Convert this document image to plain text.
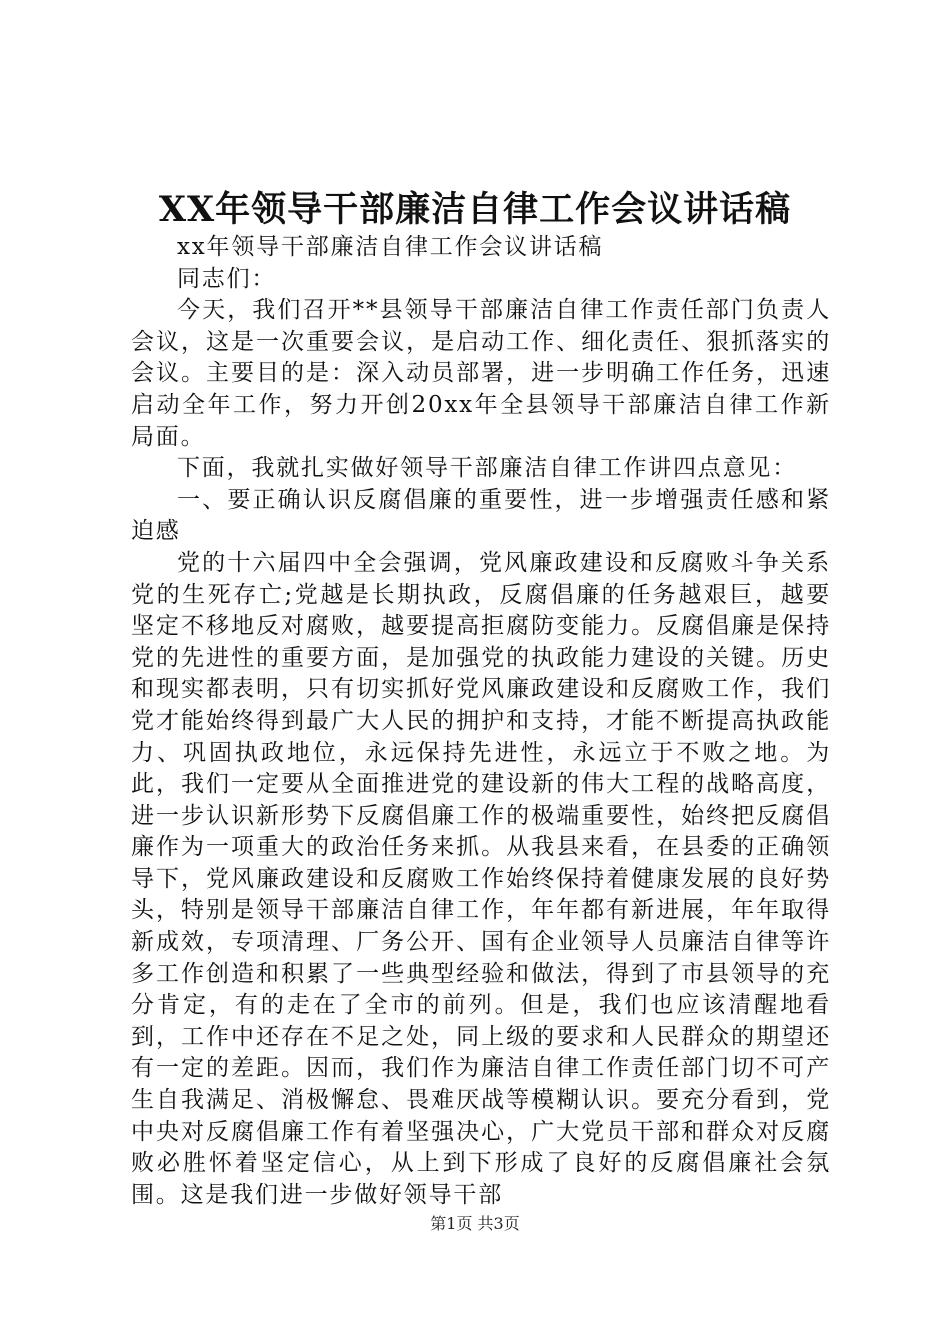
XX年领导干部廉洁自律工作会议讲话稿

xx年领导干部廉洁自律工作会议讲话稿

同志们：

今天，我们召开**县领导干部廉洁自律工作责任部门负责人会议，这是一次重要会议，是启动工作、细化责任、狠抓落实的会议。主要目的是：深入动员部署，进一步明确工作任务，迅速启动全年工作，努力开创20xx年全县领导干部廉洁自律工作新局面。

下面，我就扎实做好领导干部廉洁自律工作讲四点意见：

一、要正确认识反腐倡廉的重要性，进一步增强责任感和紧迫感

党的十六届四中全会强调，党风廉政建设和反腐败斗争关系党的生死存亡;党越是长期执政，反腐倡廉的任务越艰巨，越要坚定不移地反对腐败，越要提高拒腐防变能力。反腐倡廉是保持党的先进性的重要方面，是加强党的执政能力建设的关键。历史和现实都表明，只有切实抓好党风廉政建设和反腐败工作，我们党才能始终得到最广大人民的拥护和支持，才能不断提高执政能力、巩固执政地位，永远保持先进性，永远立于不败之地。为此，我们一定要从全面推进党的建设新的伟大工程的战略高度，进一步认识新形势下反腐倡廉工作的极端重要性，始终把反腐倡廉作为一项重大的政治任务来抓。从我县来看，在县委的正确领导下，党风廉政建设和反腐败工作始终保持着健康发展的良好势头，特别是领导干部廉洁自律工作，年年都有新进展，年年取得新成效，专项清理、厂务公开、国有企业领导人员廉洁自律等许多工作创造和积累了一些典型经验和做法，得到了市县领导的充分肯定，有的走在了全市的前列。但是，我们也应该清醒地看到，工作中还存在不足之处，同上级的要求和人民群众的期望还有一定的差距。因而，我们作为廉洁自律工作责任部门切不可产生自我满足、消极懈怠、畏难厌战等模糊认识。要充分看到，党中央对反腐倡廉工作有着坚强决心，广大党员干部和群众对反腐败必胜怀着坚定信心，从上到下形成了良好的反腐倡廉社会氛围。这是我们进一步做好领导干部

第1页 共3页
